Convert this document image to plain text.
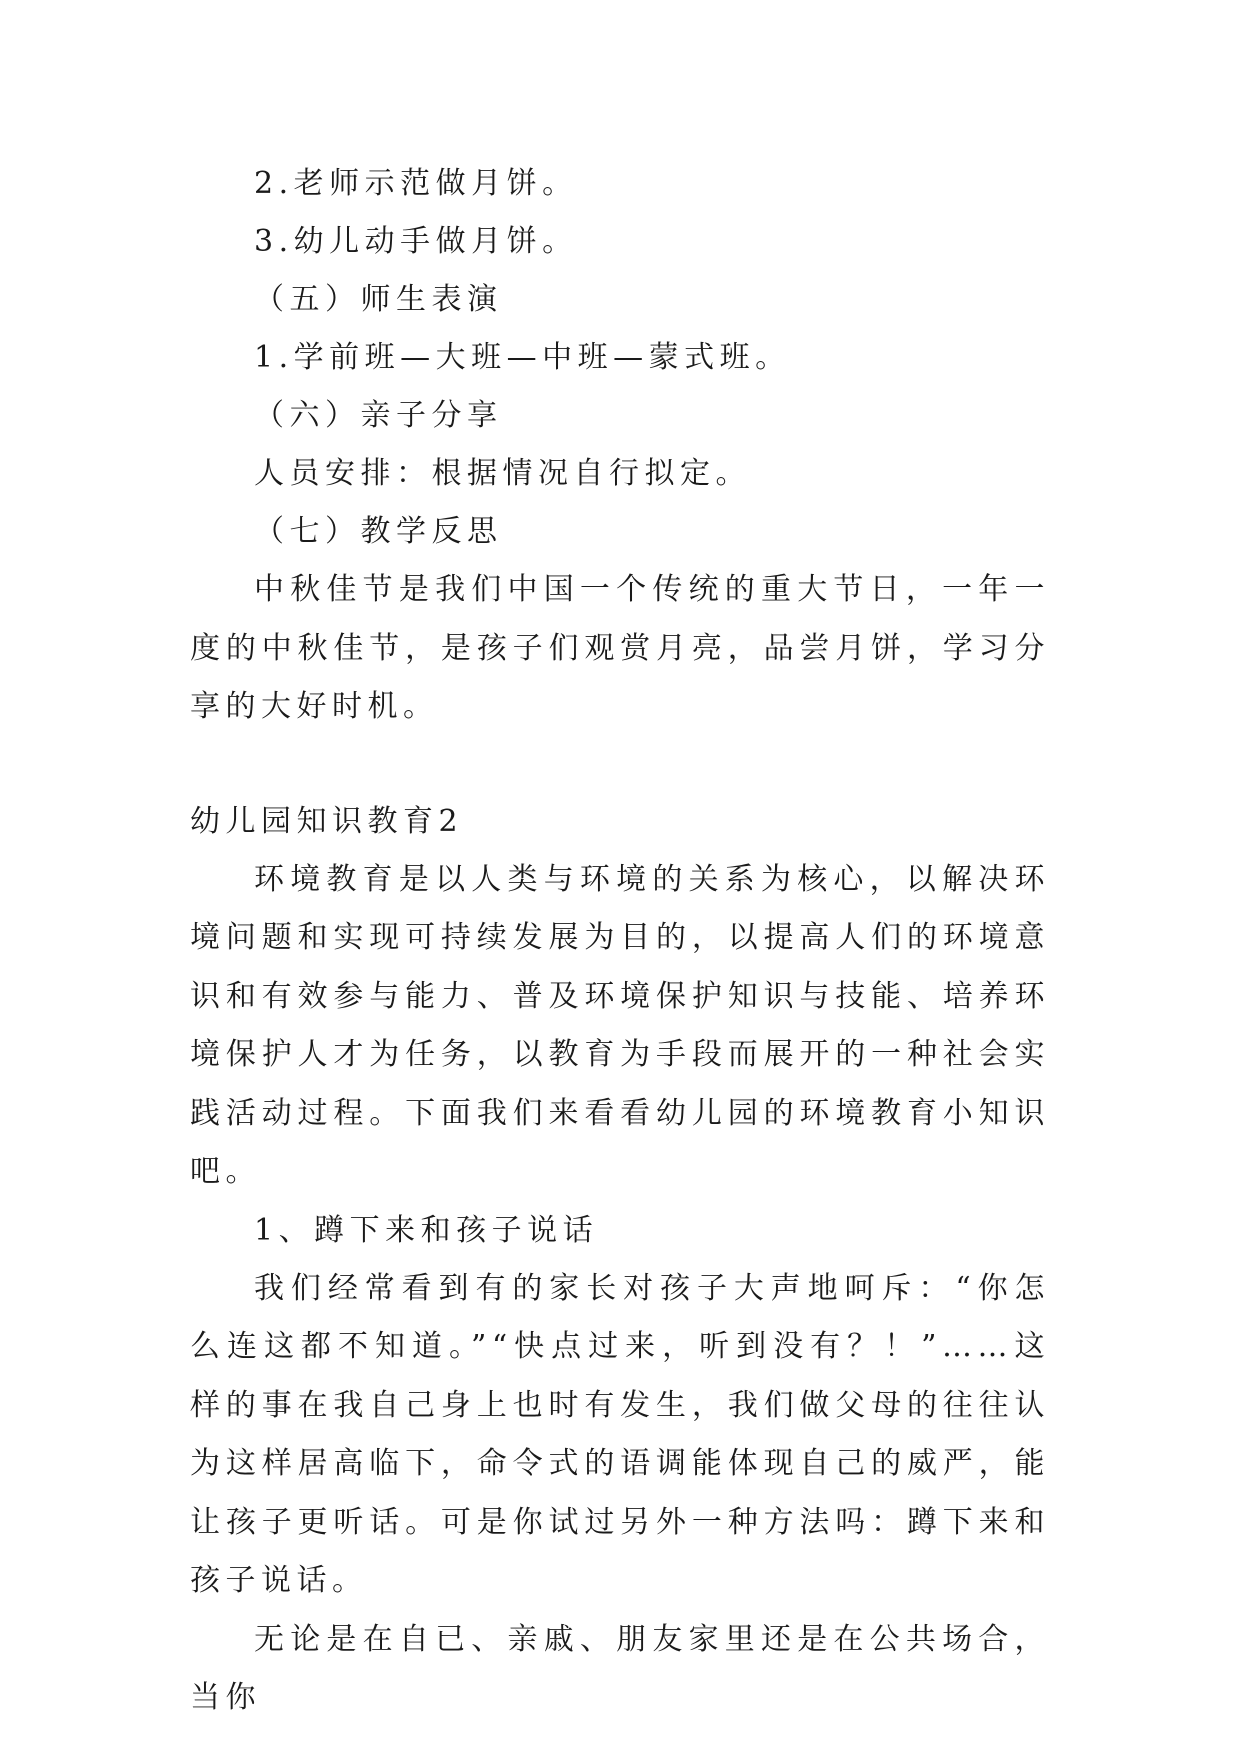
2.老师示范做月饼。
3.幼儿动手做月饼。
（五）师生表演
1.学前班—大班—中班—蒙式班。
（六）亲子分享
人员安排：根据情况自行拟定。
（七）教学反思

中秋佳节是我们中国一个传统的重大节日，一年一度的中秋佳节，是孩子们观赏月亮，品尝月饼，学习分享的大好时机。

幼儿园知识教育2

环境教育是以人类与环境的关系为核心，以解决环境问题和实现可持续发展为目的，以提高人们的环境意识和有效参与能力、普及环境保护知识与技能、培养环境保护人才为任务，以教育为手段而展开的一种社会实践活动过程。下面我们来看看幼儿园的环境教育小知识吧。

1、蹲下来和孩子说话

我们经常看到有的家长对孩子大声地呵斥：“你怎么连这都不知道。”“快点过来，听到没有？！”……这样的事在我自己身上也时有发生，我们做父母的往往认为这样居高临下，命令式的语调能体现自己的威严，能让孩子更听话。可是你试过另外一种方法吗：蹲下来和孩子说话。

无论是在自已、亲戚、朋友家里还是在公共场合，当你
